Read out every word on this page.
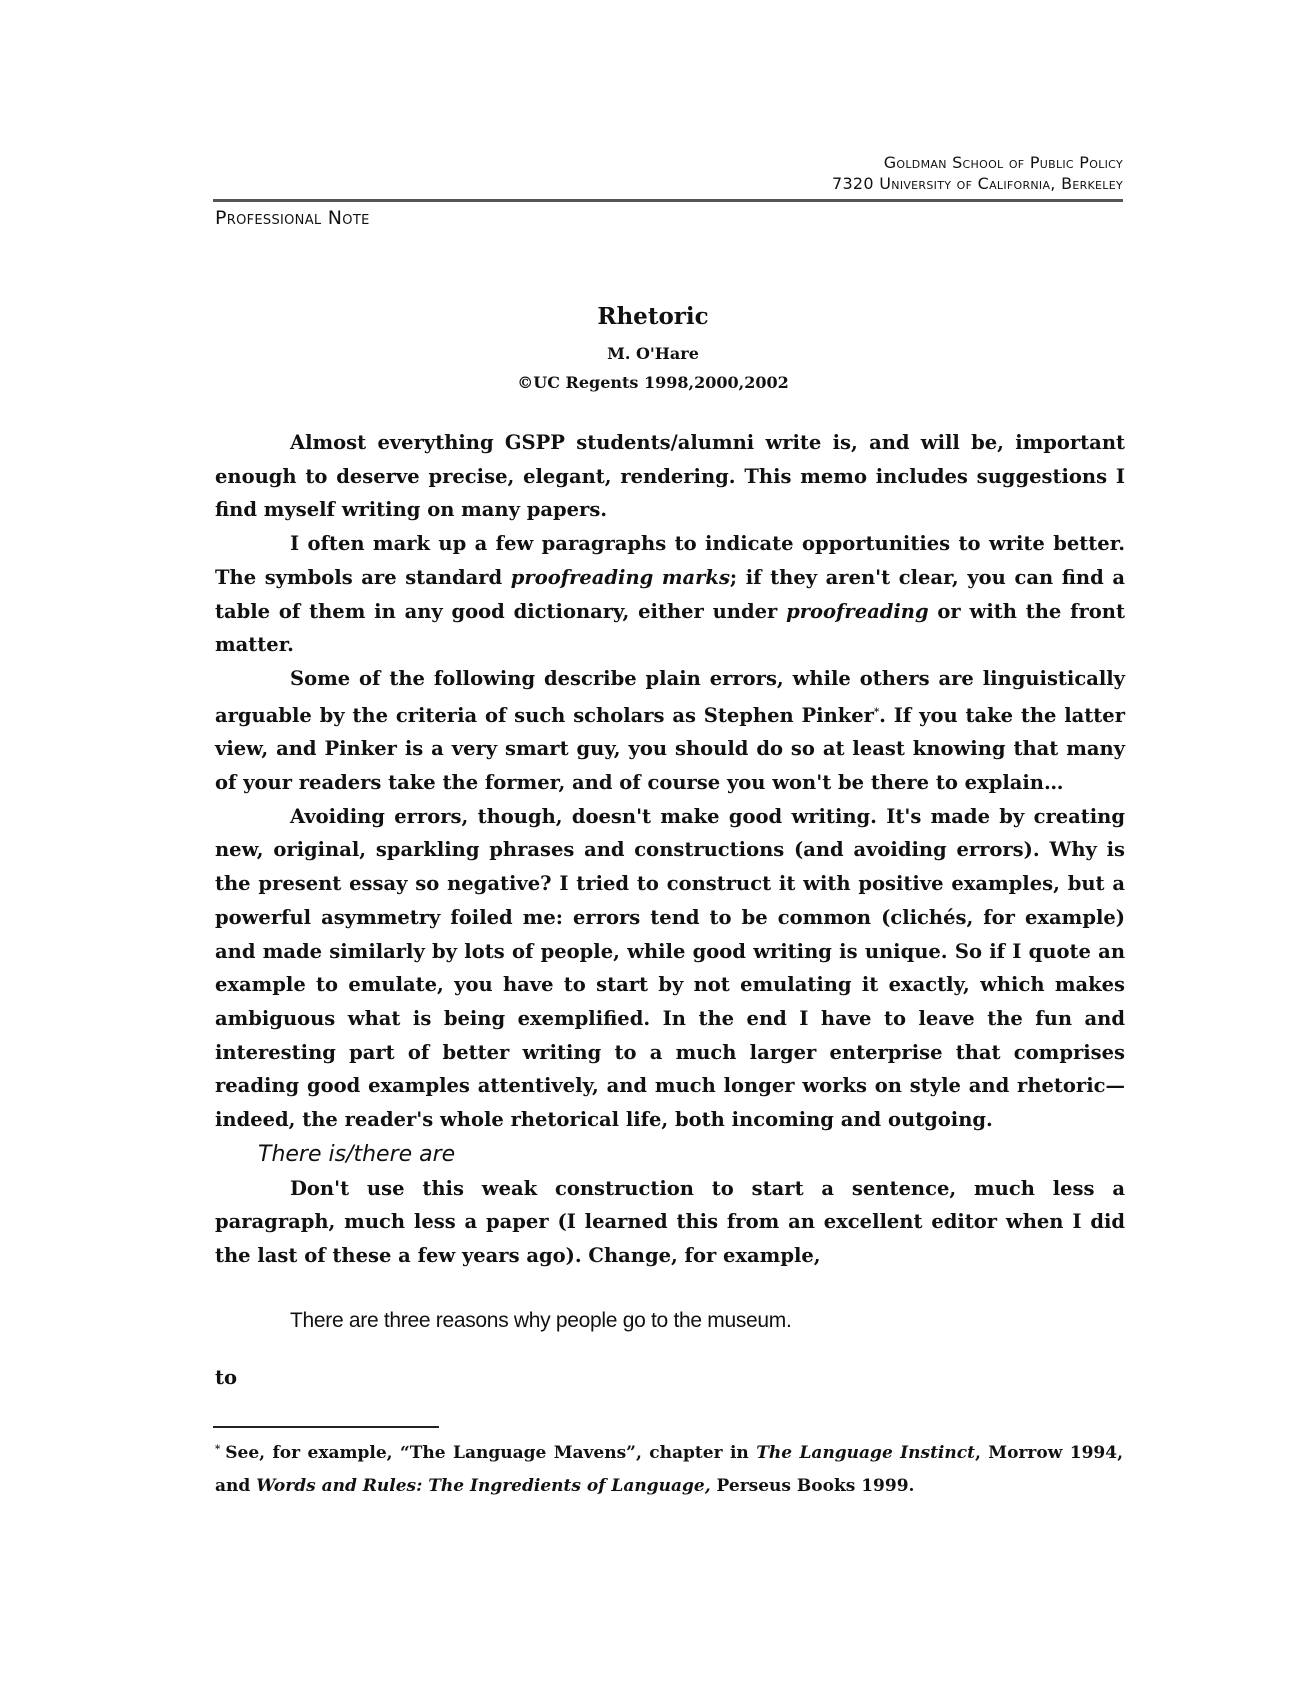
Goldman School of Public Policy
7320 University of California, Berkeley
Professional Note
Rhetoric
M. O'Hare
©UC Regents 1998,2000,2002

Almost everything GSPP students/alumni write is, and will be, important enough to deserve precise, elegant, rendering. This memo includes suggestions I find myself writing on many papers.

I often mark up a few paragraphs to indicate opportunities to write better. The symbols are standard proofreading marks; if they aren't clear, you can find a table of them in any good dictionary, either under proofreading or with the front matter.

Some of the following describe plain errors, while others are linguistically arguable by the criteria of such scholars as Stephen Pinker*. If you take the latter view, and Pinker is a very smart guy, you should do so at least knowing that many of your readers take the former, and of course you won't be there to explain…

Avoiding errors, though, doesn't make good writing. It's made by creating new, original, sparkling phrases and constructions (and avoiding errors). Why is the present essay so negative? I tried to construct it with positive examples, but a powerful asymmetry foiled me: errors tend to be common (clichés, for example) and made similarly by lots of people, while good writing is unique. So if I quote an example to emulate, you have to start by not emulating it exactly, which makes ambiguous what is being exemplified. In the end I have to leave the fun and interesting part of better writing to a much larger enterprise that comprises reading good examples attentively, and much longer works on style and rhetoric—indeed, the reader's whole rhetorical life, both incoming and outgoing.

There is/there are

Don't use this weak construction to start a sentence, much less a paragraph, much less a paper (I learned this from an excellent editor when I did the last of these a few years ago). Change, for example,

There are three reasons why people go to the museum.
to
* See, for example, “The Language Mavens”, chapter in The Language Instinct, Morrow 1994, and Words and Rules: The Ingredients of Language, Perseus Books 1999.
